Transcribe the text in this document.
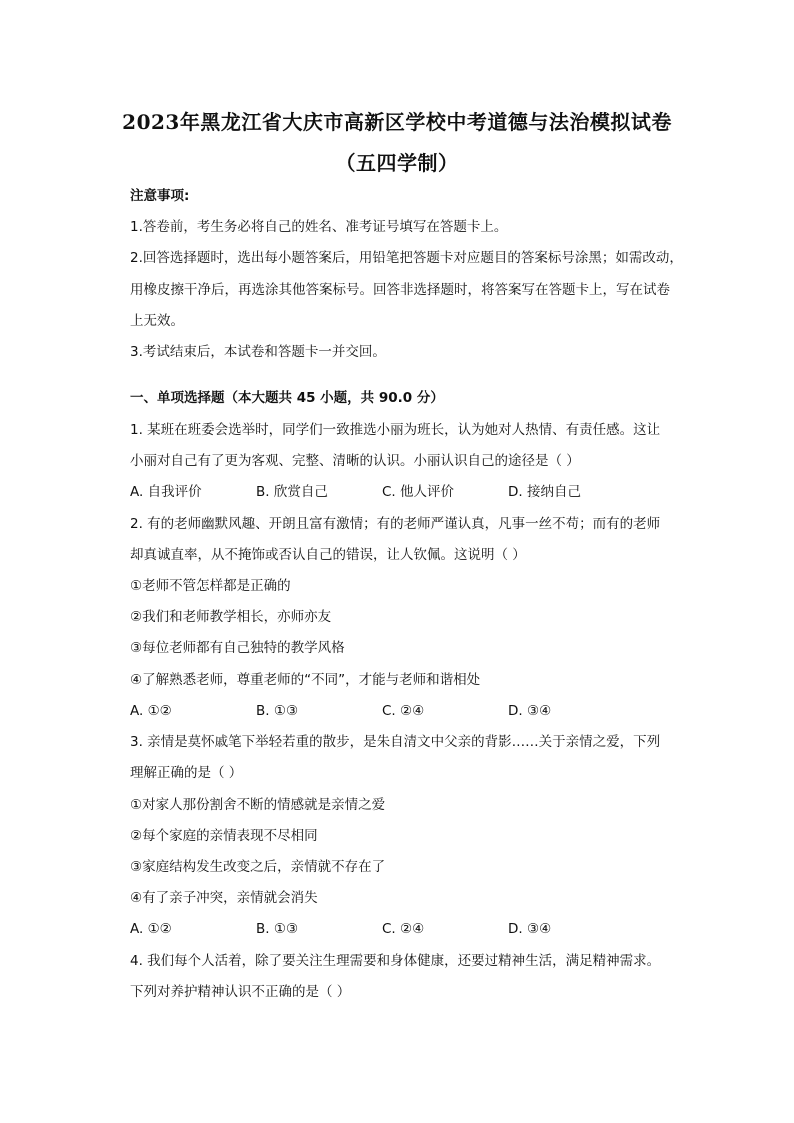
2023年黑龙江省大庆市高新区学校中考道德与法治模拟试卷
（五四学制）
注意事项:
1.答卷前，考生务必将自己的姓名、准考证号填写在答题卡上。
2.回答选择题时，选出每小题答案后，用铅笔把答题卡对应题目的答案标号涂黑；如需改动，
用橡皮擦干净后，再选涂其他答案标号。回答非选择题时，将答案写在答题卡上，写在试卷
上无效。
3.考试结束后，本试卷和答题卡一并交回。
一、单项选择题（本大题共 45 小题，共 90.0 分）
1. 某班在班委会选举时，同学们一致推选小丽为班长，认为她对人热情、有责任感。这让
小丽对自己有了更为客观、完整、清晰的认识。小丽认识自己的途径是（ ）
A. 自我评价	B. 欣赏自己	C. 他人评价	D. 接纳自己
2. 有的老师幽默风趣、开朗且富有激情；有的老师严谨认真，凡事一丝不苟；而有的老师
却真诚直率，从不掩饰或否认自己的错误，让人钦佩。这说明（ ）
①老师不管怎样都是正确的
②我们和老师教学相长，亦师亦友
③每位老师都有自己独特的教学风格
④了解熟悉老师，尊重老师的“不同”，才能与老师和谐相处
A. ①②	B. ①③	C. ②④	D. ③④
3. 亲情是莫怀戚笔下举轻若重的散步，是朱自清文中父亲的背影……关于亲情之爱，下列
理解正确的是（ ）
①对家人那份割舍不断的情感就是亲情之爱
②每个家庭的亲情表现不尽相同
③家庭结构发生改变之后，亲情就不存在了
④有了亲子冲突，亲情就会消失
A. ①②	B. ①③	C. ②④	D. ③④
4. 我们每个人活着，除了要关注生理需要和身体健康，还要过精神生活，满足精神需求。
下列对养护精神认识不正确的是（ ）
